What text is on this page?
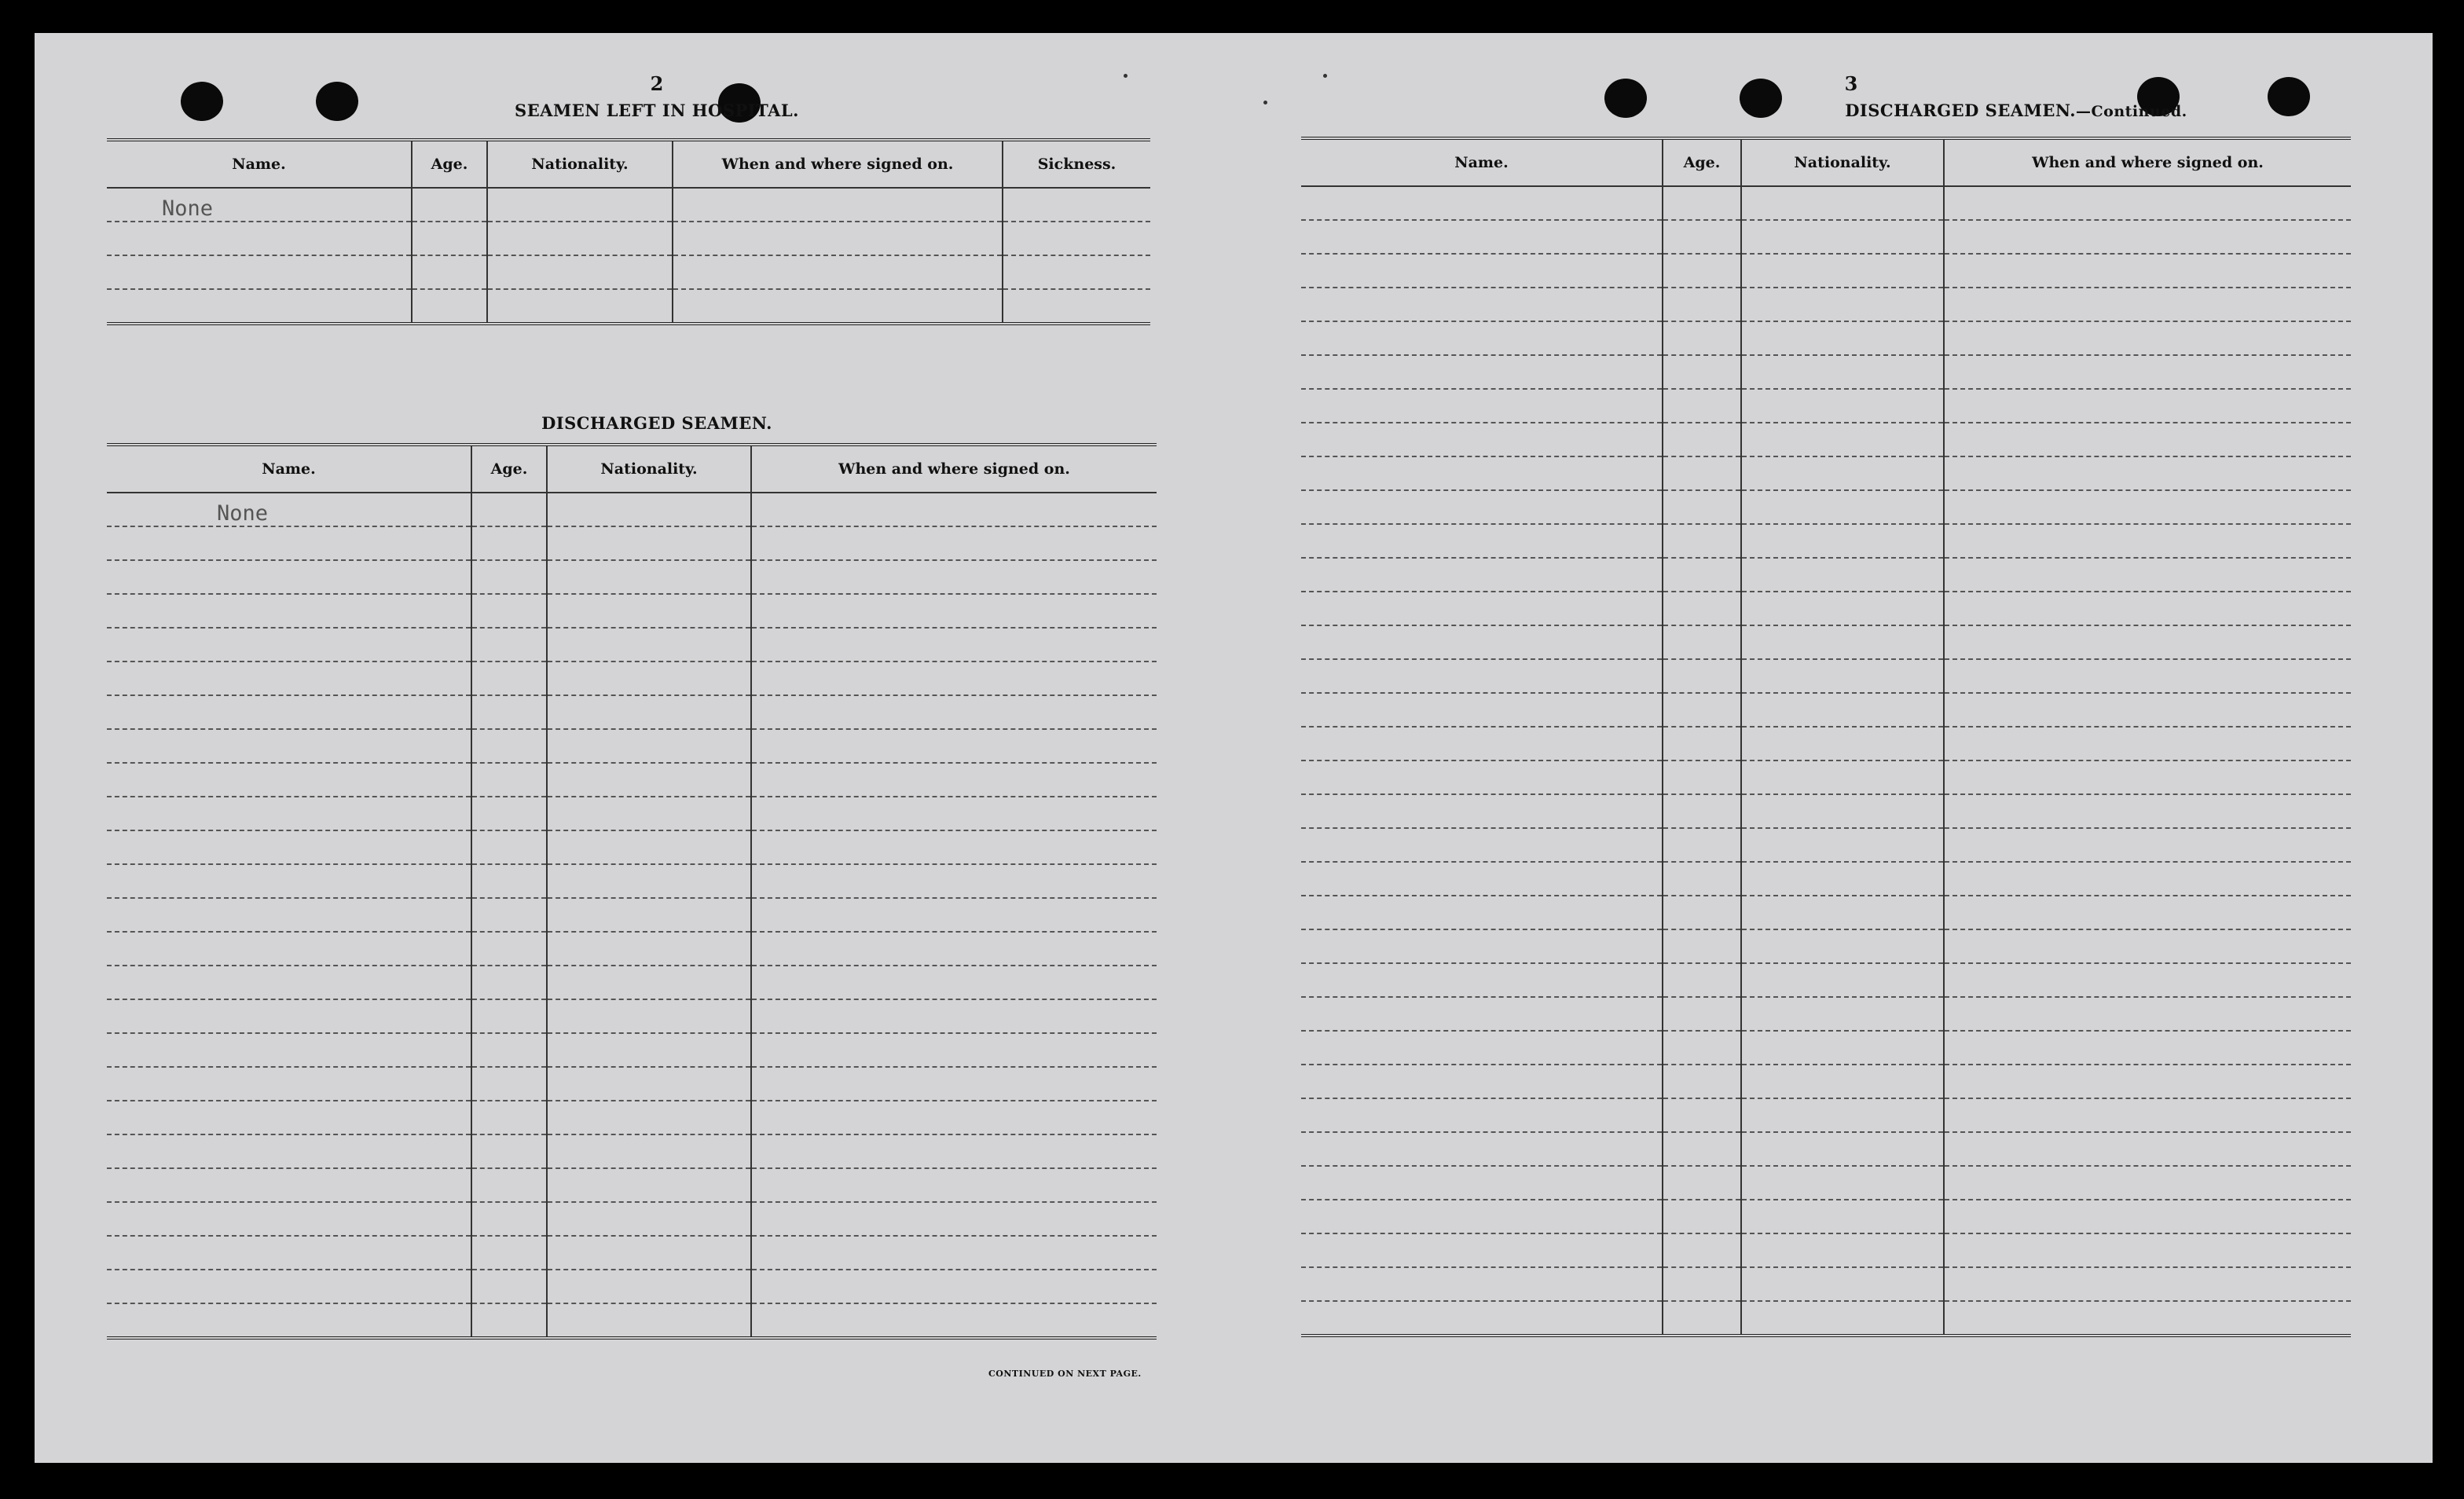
2
SEAMEN LEFT IN HOSPITAL.
Name.	Age.	Nationality.	When and where signed on.	Sickness.
None				

DISCHARGED SEAMEN.
Name.	Age.	Nationality.	When and where signed on.
None			

CONTINUED ON NEXT PAGE.
3
DISCHARGED SEAMEN.—Continued.
Name.	Age.	Nationality.	When and where signed on.
